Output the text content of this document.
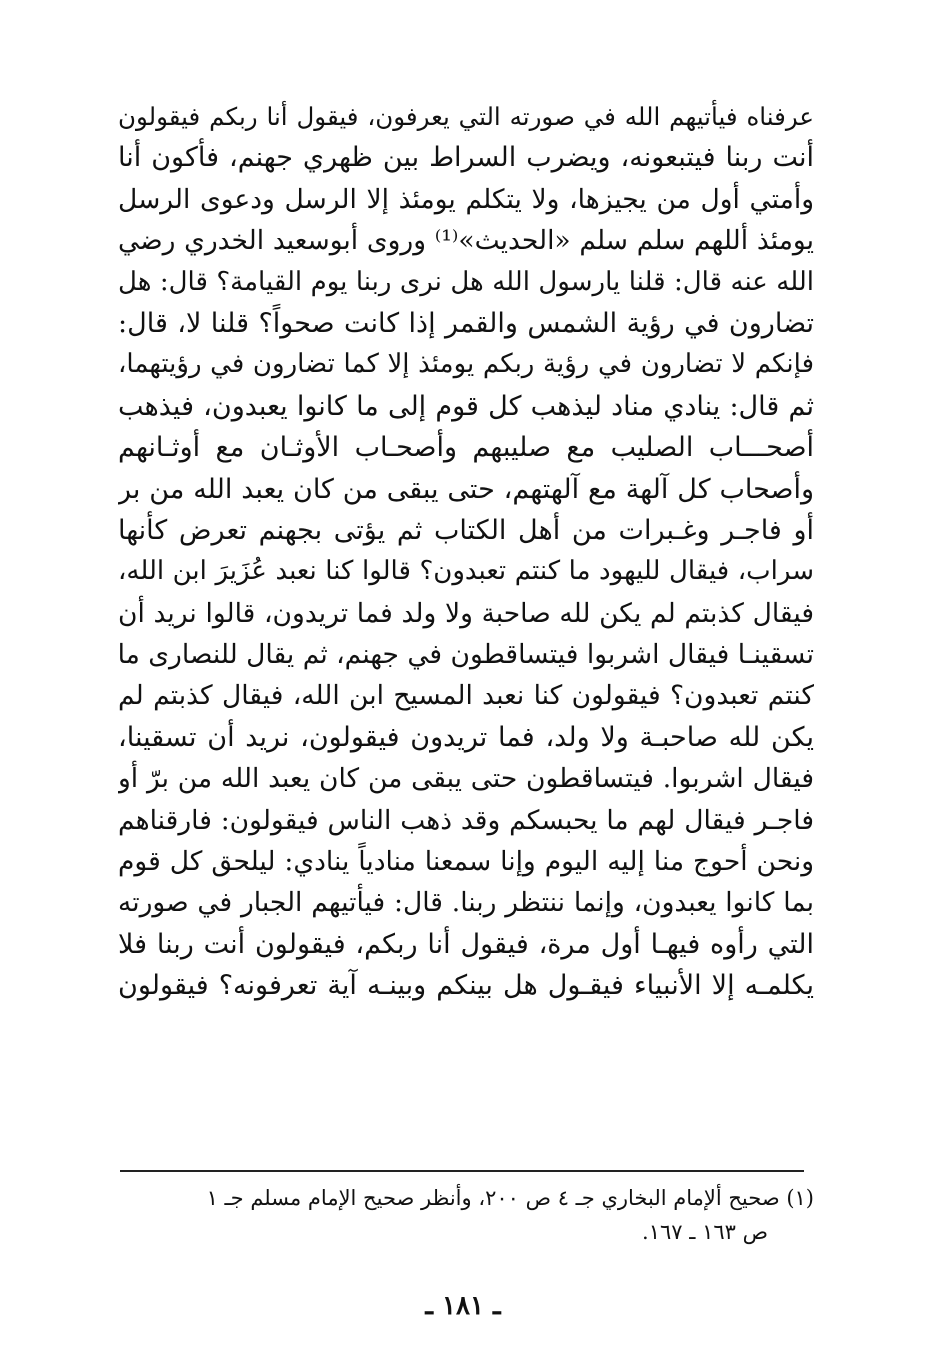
عرفناه فيأتيهم الله في صورته التي يعرفون، فيقول أنا ربكم فيقولون
أنت ربنا فيتبعونه، ويضرب السراط بين ظهري جهنم، فأكون أنا
وأمتي أول من يجيزها، ولا يتكلم يومئذ إلا الرسل ودعوى الرسل
يومئذ أللهم سلم سلم «الحديث»⁽¹⁾ وروى أبوسعيد الخدري رضي
الله عنه قال: قلنا يارسول الله هل نرى ربنا يوم القيامة؟ قال: هل
تضارون في رؤية الشمس والقمر إذا كانت صحواً؟ قلنا لا، قال:
فإنكم لا تضارون في رؤية ربكم يومئذ إلا كما تضارون في رؤيتهما،
ثم قال: ينادي مناد ليذهب كل قوم إلى ما كانوا يعبدون، فيذهب
أصحـــاب الصليب مع صليبهم وأصحـاب الأوثـان مع أوثـانهم
وأصحاب كل آلهة مع آلهتهم، حتى يبقى من كان يعبد الله من بر
أو فاجـر وغـبرات من أهل الكتاب ثم يؤتى بجهنم تعرض كأنها
سراب، فيقال لليهود ما كنتم تعبدون؟ قالوا كنا نعبد عُزَيرَ ابن الله،
فيقال كذبتم لم يكن لله صاحبة ولا ولد فما تريدون، قالوا نريد أن
تسقينـا فيقال اشربوا فيتساقطون في جهنم، ثم يقال للنصارى ما
كنتم تعبدون؟ فيقولون كنا نعبد المسيح ابن الله، فيقال كذبتم لم
يكن لله صاحبـة ولا ولد، فما تريدون فيقولون، نريد أن تسقينا،
فيقال اشربوا. فيتساقطون حتى يبقى من كان يعبد الله من برّ أو
فاجـر فيقال لهم ما يحبسكم وقد ذهب الناس فيقولون: فارقناهم
ونحن أحوج منا إليه اليوم وإنا سمعنا منادياً ينادي: ليلحق كل قوم
بما كانوا يعبدون، وإنما ننتظر ربنا. قال: فيأتيهم الجبار في صورته
التي رأوه فيهـا أول مرة، فيقول أنا ربكم، فيقولون أنت ربنا فلا
يكلمـه إلا الأنبياء فيقـول هل بينكم وبينـه آية تعرفونه؟ فيقولون
(١) صحيح ألإمام البخاري جـ ٤ ص ٢٠٠، وأنظر صحيح الإمام مسلم جـ ١
ص ١٦٣ ـ ١٦٧.
ـ ١٨١ ـ
